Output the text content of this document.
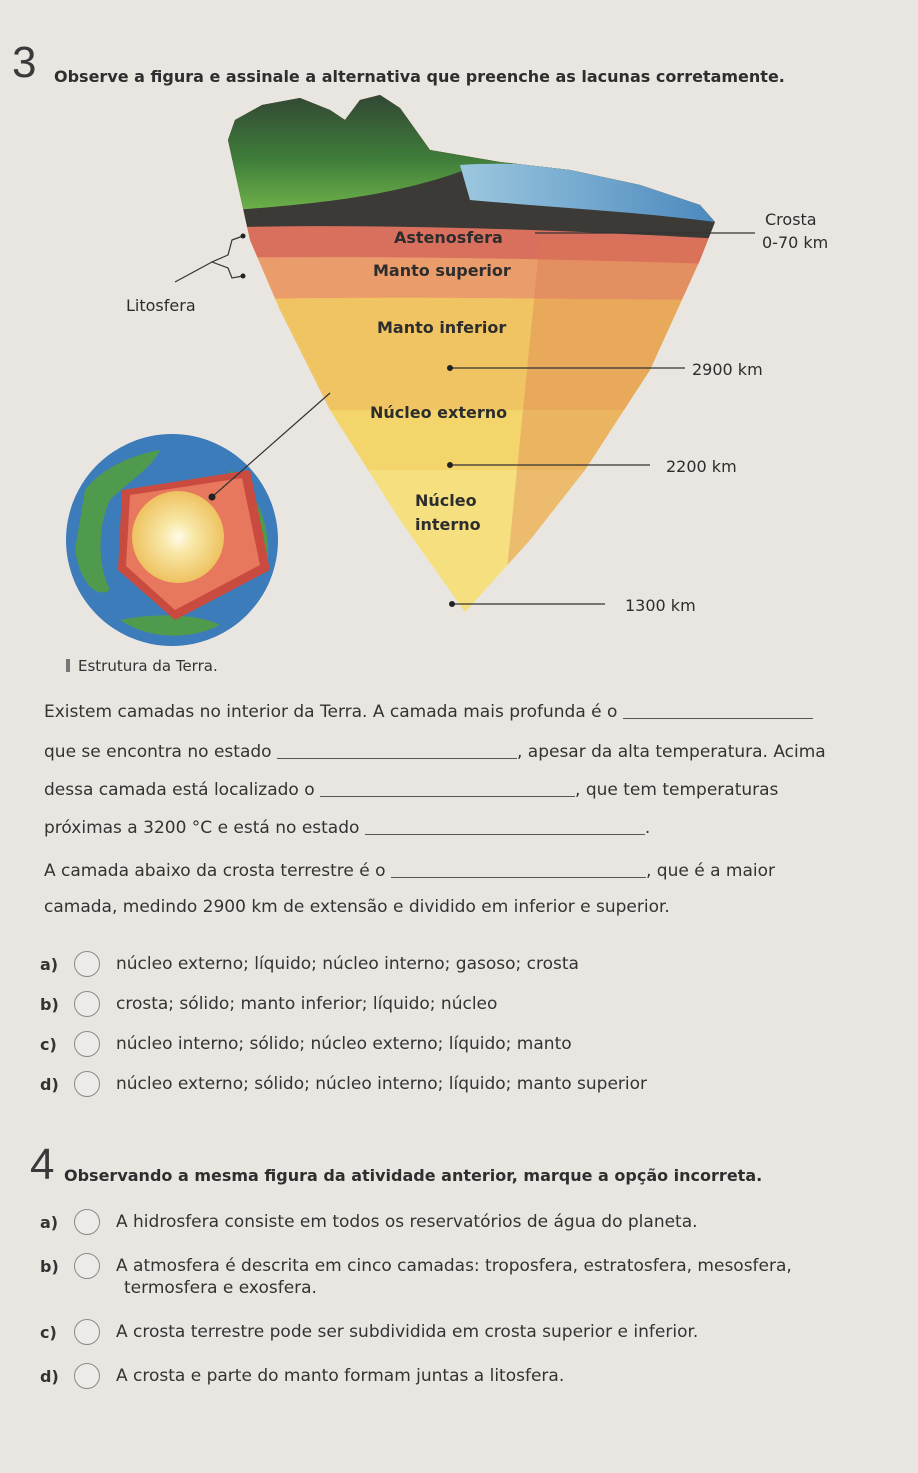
3 Observe a figura e assinale a alternativa que preenche as lacunas corretamente.
Crosta
0-70 km
Astenosfera
Manto superior
Litosfera
Manto inferior
2900 km
Núcleo externo
2200 km
Núcleo
interno
1300 km
Estrutura da Terra.
Existem camadas no interior da Terra. A camada mais profunda é o
que se encontra no estado	, apesar da alta temperatura. Acima
dessa camada está localizado o	, que tem temperaturas
próximas a 3200 °C e está no estado	.
A camada abaixo da crosta terrestre é o	, que é a maior
camada, medindo 2900 km de extensão e dividido em inferior e superior.
a)	núcleo externo; líquido; núcleo interno; gasoso; crosta
b)	crosta; sólido; manto inferior; líquido; núcleo
c)	núcleo interno; sólido; núcleo externo; líquido; manto
d)	núcleo externo; sólido; núcleo interno; líquido; manto superior
4 Observando a mesma figura da atividade anterior, marque a opção incorreta.
a)	A hidrosfera consiste em todos os reservatórios de água do planeta.
b)	A atmosfera é descrita em cinco camadas: troposfera, estratosfera, mesosfera,
termosfera e exosfera.
c)	A crosta terrestre pode ser subdividida em crosta superior e inferior.
d)	A crosta e parte do manto formam juntas a litosfera.
